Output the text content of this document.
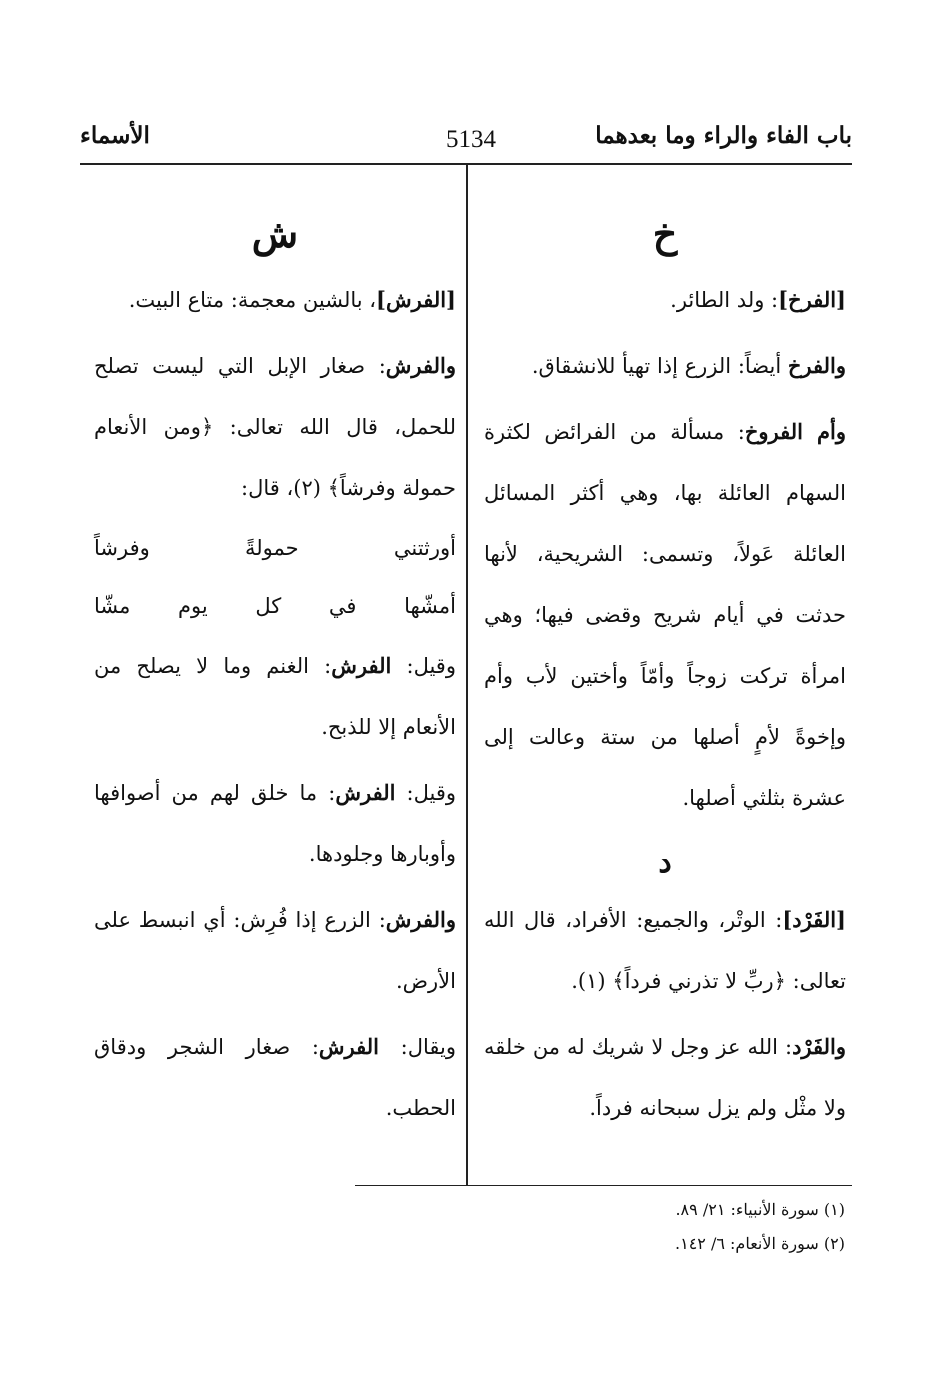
باب الفاء والراء وما بعدهما
5134
الأسماء
خ
[الفرخ]: ولد الطائر.
والفرخ أيضاً: الزرع إذا تهيأ للانشقاق.
وأم الفروخ: مسألة من الفرائض لكثرة السهام العائلة بها، وهي أكثر المسائل العائلة عَولاً، وتسمى: الشريحية، لأنها حدثت في أيام شريح وقضى فيها؛ وهي امرأة تركت زوجاً وأمّاً وأختين لأب وأم وإخوةً لأمٍ أصلها من ستة وعالت إلى عشرة بثلثي أصلها.
د
[الفَرْد]: الوتْر، والجميع: الأفراد، قال الله تعالى: ﴿ربِّ لا تذرني فرداً﴾ (١).
والفَرْد: الله عز وجل لا شريك له من خلقه ولا مثْل ولم يزل سبحانه فرداً.
ش
[الفرش]، بالشين معجمة: متاع البيت.
والفرش: صغار الإبل التي ليست تصلح للحمل، قال الله تعالى: ﴿ومن الأنعام حمولة وفرشاً﴾ (٢)، قال:
أورثتني حمولةً وفرشاً
أمشّها في كل يوم مشّا
وقيل: الفرش: الغنم وما لا يصلح من الأنعام إلا للذبح.
وقيل: الفرش: ما خلق لهم من أصوافها وأوبارها وجلودها.
والفرش: الزرع إذا فُرِش: أي انبسط على الأرض.
ويقال: الفرش: صغار الشجر ودقاق الحطب.
(١) سورة الأنبياء: ٢١/ ٨٩.
(٢) سورة الأنعام: ٦/ ١٤٢.
